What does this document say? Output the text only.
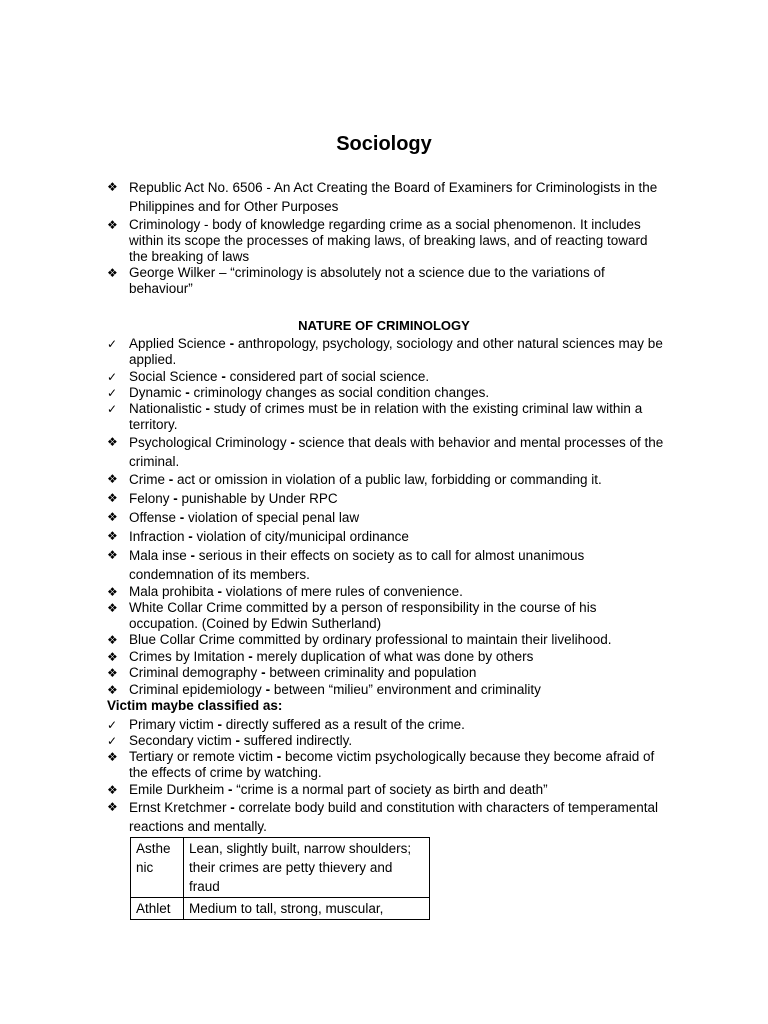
Sociology
❖ Republic Act No. 6506 - An Act Creating the Board of Examiners for Criminologists in the Philippines and for Other Purposes
❖ Criminology - body of knowledge regarding crime as a social phenomenon. It includes within its scope the processes of making laws, of breaking laws, and of reacting toward the breaking of laws
❖ George Wilker – “criminology is absolutely not a science due to the variations of behaviour”
NATURE OF CRIMINOLOGY
✓ Applied Science - anthropology, psychology, sociology and other natural sciences may be applied.
✓ Social Science - considered part of social science.
✓ Dynamic - criminology changes as social condition changes.
✓ Nationalistic - study of crimes must be in relation with the existing criminal law within a territory.
❖ Psychological Criminology - science that deals with behavior and mental processes of the criminal.
❖ Crime - act or omission in violation of a public law, forbidding or commanding it.
❖ Felony - punishable by Under RPC
❖ Offense - violation of special penal law
❖ Infraction - violation of city/municipal ordinance
❖ Mala inse - serious in their effects on society as to call for almost unanimous condemnation of its members.
❖ Mala prohibita - violations of mere rules of convenience.
❖ White Collar Crime committed by a person of responsibility in the course of his occupation. (Coined by Edwin Sutherland)
❖ Blue Collar Crime committed by ordinary professional to maintain their livelihood.
❖ Crimes by Imitation - merely duplication of what was done by others
❖ Criminal demography - between criminality and population
❖ Criminal epidemiology - between “milieu” environment and criminality
Victim maybe classified as:
✓ Primary victim - directly suffered as a result of the crime.
✓ Secondary victim - suffered indirectly.
❖ Tertiary or remote victim - become victim psychologically because they become afraid of the effects of crime by watching.
❖ Emile Durkheim - “crime is a normal part of society as birth and death”
❖ Ernst Kretchmer - correlate body build and constitution with characters of temperamental reactions and mentally.
Asthe nic	Lean, slightly built, narrow shoulders; their crimes are petty thievery and fraud
Athlet	Medium to tall, strong, muscular,
